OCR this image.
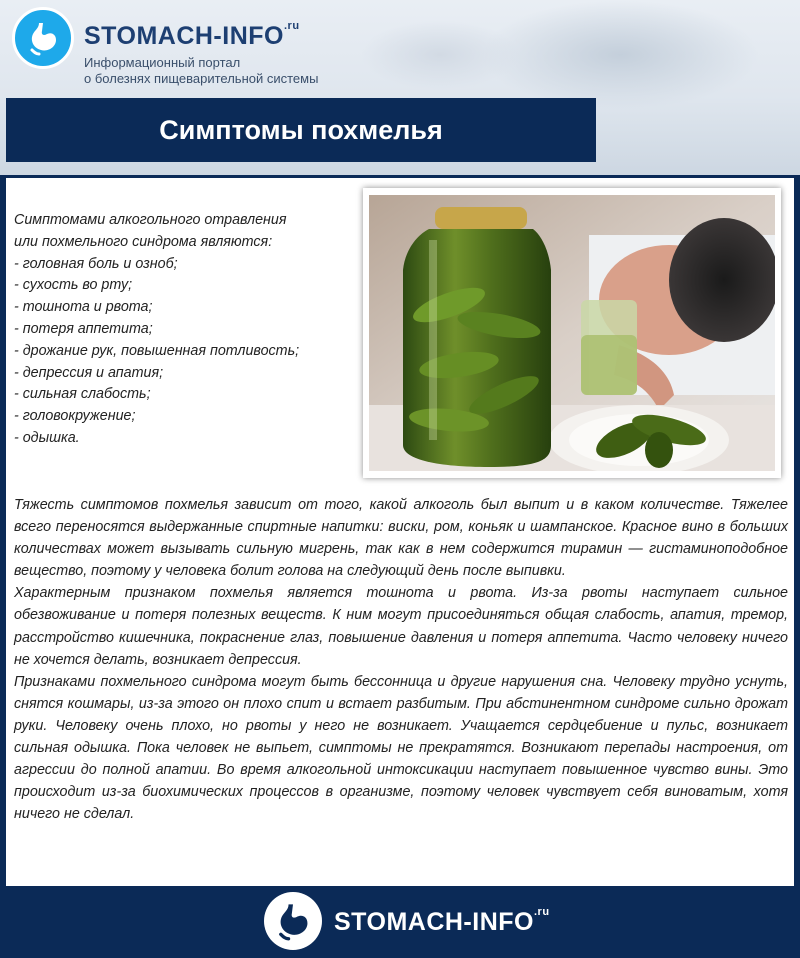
STOMACH-$INFO^{.ru}$
Информационный портал
о болезнях пищеварительной системы
Симптомы похмелья
Симптомами алкогольного отравления
или похмельного синдрома являются:
- головная боль и озноб;
- сухость во рту;
- тошнота и рвота;
- потеря аппетита;
- дрожание рук, повышенная потливость;
- депрессия и апатия;
- сильная слабость;
- головокружение;
- одышка.

Тяжесть симптомов похмелья зависит от того, какой алкоголь был выпит и в каком количестве. Тяжелее всего переносятся выдержанные спиртные напитки: виски, ром, коньяк и шампанское. Красное вино в больших количествах может вызывать сильную мигрень, так как в нем содержится тирамин — гистаминоподобное вещество, поэтому у человека болит голова на следующий день после выпивки.

Характерным признаком похмелья является тошнота и рвота. Из-за рвоты наступает сильное обезвоживание и потеря полезных веществ. К ним могут присоединяться общая слабость, апатия, тремор, расстройство кишечника, покраснение глаз, повышение давления и потеря аппетита. Часто человеку ничего не хочется делать, возникает депрессия.

Признаками похмельного синдрома могут быть бессонница и другие нарушения сна. Человеку трудно уснуть, снятся кошмары, из-за этого он плохо спит и встает разбитым. При абстинентном синдроме сильно дрожат руки. Человеку очень плохо, но рвоты у него не возникает. Учащается сердцебиение и пульс, возникает сильная одышка. Пока человек не выпьет, симптомы не прекратятся. Возникают перепады настроения, от агрессии до полной апатии. Во время алкогольной интоксикации наступает повышенное чувство вины. Это происходит из-за биохимических процессов в организме, поэтому человек чувствует себя виноватым, хотя ничего не сделал.

STOMACH-$INFO^{.ru}$
